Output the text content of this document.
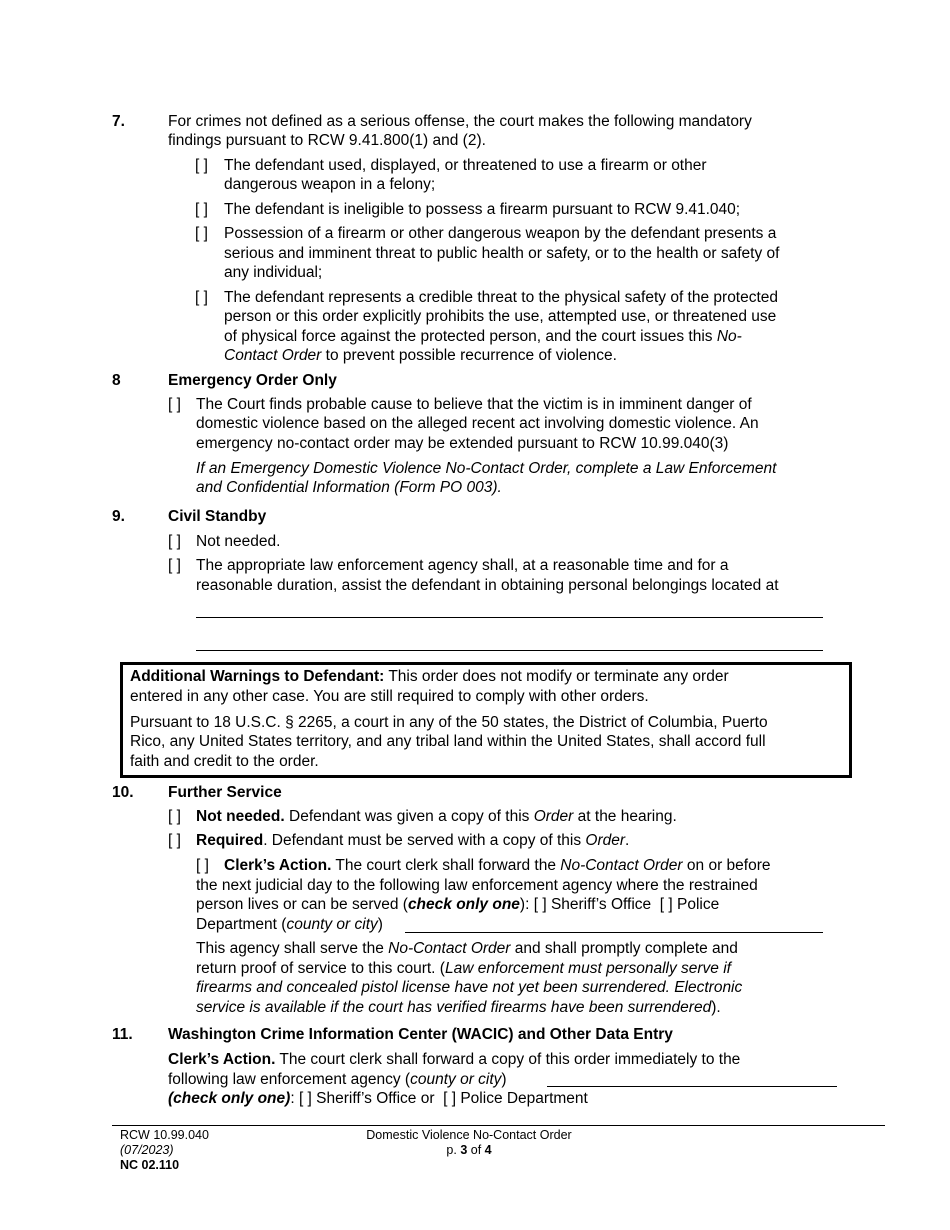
7.	For crimes not defined as a serious offense, the court makes the following mandatory
findings pursuant to RCW 9.41.800(1) and (2).
[ ] The defendant used, displayed, or threatened to use a firearm or other
dangerous weapon in a felony;
[ ] The defendant is ineligible to possess a firearm pursuant to RCW 9.41.040;
[ ] Possession of a firearm or other dangerous weapon by the defendant presents a
serious and imminent threat to public health or safety, or to the health or safety of
any individual;
[ ] The defendant represents a credible threat to the physical safety of the protected
person or this order explicitly prohibits the use, attempted use, or threatened use
of physical force against the protected person, and the court issues this No-
Contact Order to prevent possible recurrence of violence.
8	Emergency Order Only
[ ] The Court finds probable cause to believe that the victim is in imminent danger of
domestic violence based on the alleged recent act involving domestic violence. An
emergency no-contact order may be extended pursuant to RCW 10.99.040(3)
If an Emergency Domestic Violence No-Contact Order, complete a Law Enforcement
and Confidential Information (Form PO 003).
9.	Civil Standby
[ ] Not needed.
[ ] The appropriate law enforcement agency shall, at a reasonable time and for a
reasonable duration, assist the defendant in obtaining personal belongings located at
Additional Warnings to Defendant: This order does not modify or terminate any order
entered in any other case. You are still required to comply with other orders.
Pursuant to 18 U.S.C. § 2265, a court in any of the 50 states, the District of Columbia, Puerto
Rico, any United States territory, and any tribal land within the United States, shall accord full
faith and credit to the order.
10. Further Service
[ ] Not needed. Defendant was given a copy of this Order at the hearing.
[ ] Required. Defendant must be served with a copy of this Order.
[ ] Clerk’s Action. The court clerk shall forward the No-Contact Order on or before
the next judicial day to the following law enforcement agency where the restrained
person lives or can be served (check only one): [ ] Sheriff’s Office [ ] Police
Department (county or city)
This agency shall serve the No-Contact Order and shall promptly complete and
return proof of service to this court. (Law enforcement must personally serve if
firearms and concealed pistol license have not yet been surrendered. Electronic
service is available if the court has verified firearms have been surrendered).
11. Washington Crime Information Center (WACIC) and Other Data Entry
Clerk’s Action. The court clerk shall forward a copy of this order immediately to the
following law enforcement agency (county or city)
(check only one): [ ] Sheriff’s Office or [ ] Police Department
RCW 10.99.040
(07/2023)
NC 02.110
Domestic Violence No-Contact Order
p. 3 of 4
